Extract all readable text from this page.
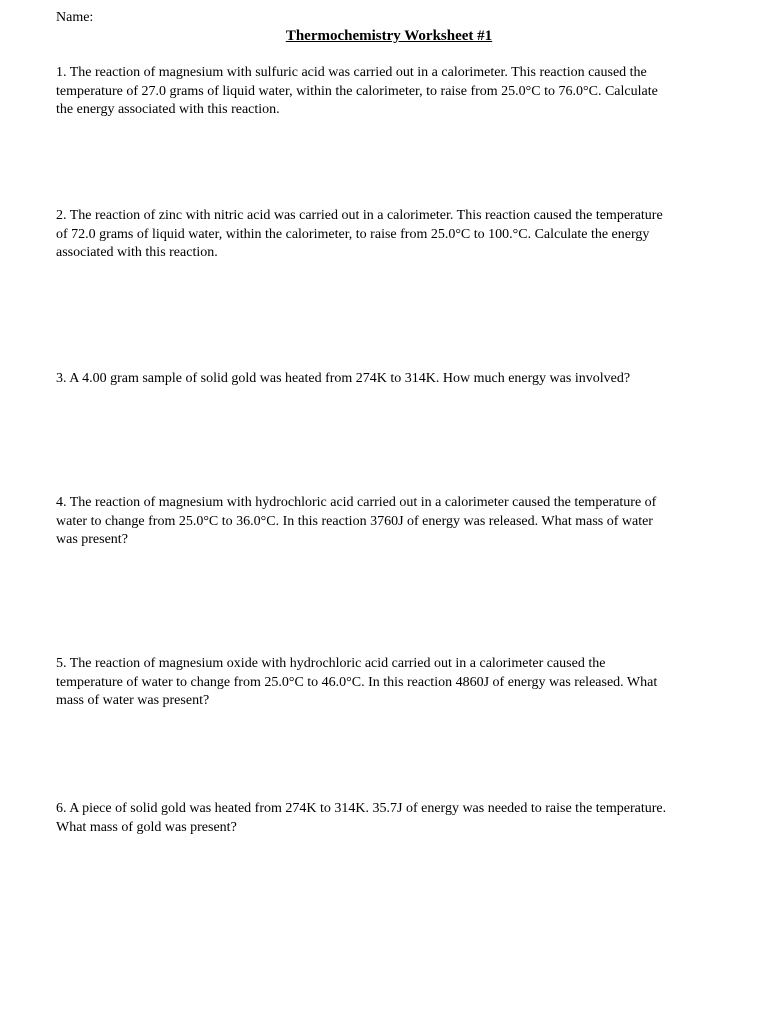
Name:
Thermochemistry Worksheet #1
1. The reaction of magnesium with sulfuric acid was carried out in a calorimeter. This reaction caused the
temperature of 27.0 grams of liquid water, within the calorimeter, to raise from 25.0°C to 76.0°C. Calculate
the energy associated with this reaction.
2. The reaction of zinc with nitric acid was carried out in a calorimeter. This reaction caused the temperature
of 72.0 grams of liquid water, within the calorimeter, to raise from 25.0°C to 100.°C. Calculate the energy
associated with this reaction.
3. A 4.00 gram sample of solid gold was heated from 274K to 314K. How much energy was involved?
4. The reaction of magnesium with hydrochloric acid carried out in a calorimeter caused the temperature of
water to change from 25.0°C to 36.0°C. In this reaction 3760J of energy was released. What mass of water
was present?
5. The reaction of magnesium oxide with hydrochloric acid carried out in a calorimeter caused the
temperature of water to change from 25.0°C to 46.0°C. In this reaction 4860J of energy was released. What
mass of water was present?
6. A piece of solid gold was heated from 274K to 314K. 35.7J of energy was needed to raise the temperature.
What mass of gold was present?
